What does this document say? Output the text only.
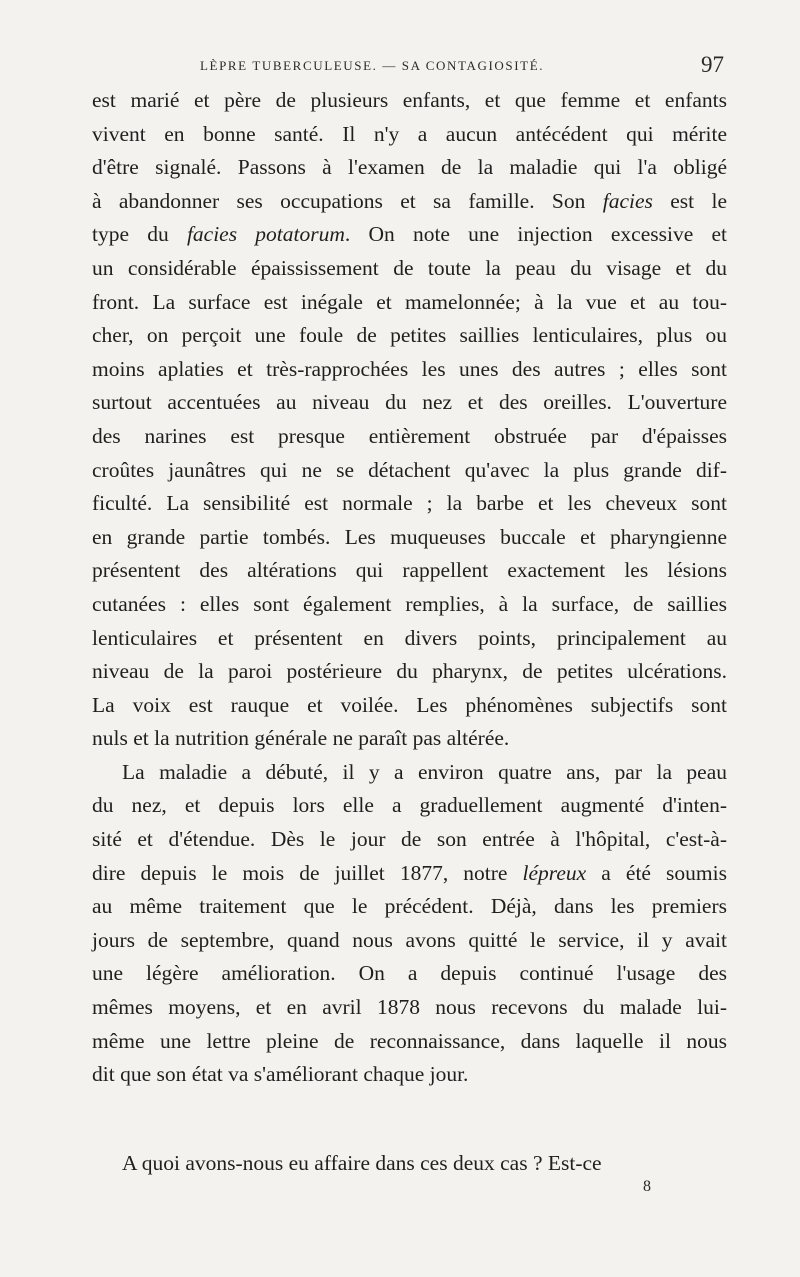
LÈPRE TUBERCULEUSE. — SA CONTAGIOSITÉ.	97
est marié et père de plusieurs enfants, et que femme et enfants
vivent en bonne santé. Il n'y a aucun antécédent qui mérite
d'être signalé. Passons à l'examen de la maladie qui l'a obligé
à abandonner ses occupations et sa famille. Son facies est le
type du facies potatorum. On note une injection excessive et
un considérable épaississement de toute la peau du visage et du
front. La surface est inégale et mamelonnée; à la vue et au tou-
cher, on perçoit une foule de petites saillies lenticulaires, plus ou
moins aplaties et très-rapprochées les unes des autres ; elles sont
surtout accentuées au niveau du nez et des oreilles. L'ouverture
des narines est presque entièrement obstruée par d'épaisses
croûtes jaunâtres qui ne se détachent qu'avec la plus grande dif-
ficulté. La sensibilité est normale ; la barbe et les cheveux sont
en grande partie tombés. Les muqueuses buccale et pharyngienne
présentent des altérations qui rappellent exactement les lésions
cutanées : elles sont également remplies, à la surface, de saillies
lenticulaires et présentent en divers points, principalement au
niveau de la paroi postérieure du pharynx, de petites ulcérations.
La voix est rauque et voilée. Les phénomènes subjectifs sont
nuls et la nutrition générale ne paraît pas altérée.
La maladie a débuté, il y a environ quatre ans, par la peau
du nez, et depuis lors elle a graduellement augmenté d'inten-
sité et d'étendue. Dès le jour de son entrée à l'hôpital, c'est-à-
dire depuis le mois de juillet 1877, notre lépreux a été soumis
au même traitement que le précédent. Déjà, dans les premiers
jours de septembre, quand nous avons quitté le service, il y avait
une légère amélioration. On a depuis continué l'usage des
mêmes moyens, et en avril 1878 nous recevons du malade lui-
même une lettre pleine de reconnaissance, dans laquelle il nous
dit que son état va s'améliorant chaque jour.
A quoi avons-nous eu affaire dans ces deux cas ? Est-ce
8
